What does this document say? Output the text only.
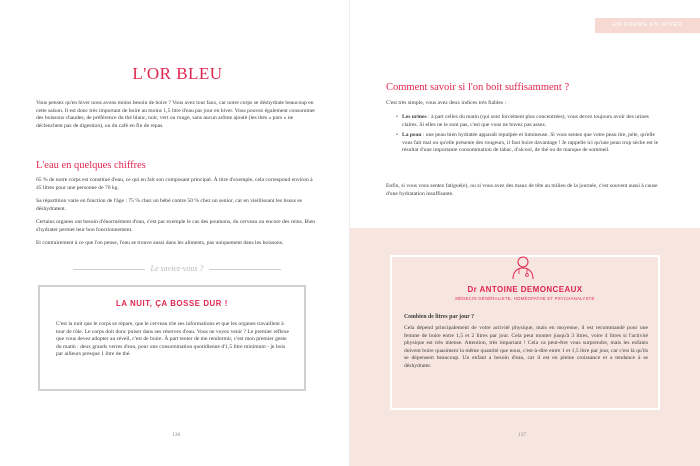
L'OR BLEU

Vous pensez qu'en hiver nous avons moins besoin de boire ? Vous avez tout faux, car notre corps se déshydrate beaucoup en cette saison. Il est donc très important de boire au moins 1,5 litre d'eau par jour en hiver. Vous pouvez également consommer des boissons chaudes, de préférence du thé blanc, noir, vert ou rouge, sans aucun arôme ajouté (les thés « purs » ne déclenchent pas de digestion), ou du café en fin de repas.

L'eau en quelques chiffres

65 % de notre corps est constitué d'eau, ce qui en fait son composant principal. À titre d'exemple, cela correspond environ à 45 litres pour une personne de 70 kg.

Sa répartition varie en fonction de l'âge : 75 % chez un bébé contre 50 % chez un senior, car en vieillissant les tissus se déshydratent.

Certains organes ont besoin d'énormément d'eau, c'est par exemple le cas des poumons, du cerveau ou encore des reins. Bien s'hydrater permet leur bon fonctionnement.

Et contrairement à ce que l'on pense, l'eau se trouve aussi dans les aliments, pas uniquement dans les boissons.

Le saviez-vous ?
LA NUIT, ÇA BOSSE DUR !

C'est la nuit que le corps se répare, que le cerveau trie ses informations et que les organes travaillent à tour de rôle. Le corps doit donc puiser dans ses réserves d'eau. Vous ne voyez venir ? Le premier réflexe que vous devez adopter au réveil, c'est de boire. À part tenter de me rendormir, c'est mon premier geste du matin : deux grands verres d'eau, pour une consommation quotidienne d'1,5 litre minimum - je bois par ailleurs presque 1 litre de thé.

136
EN FORME EN HIVER
Comment savoir si l'on boit suffisamment ?

C'est très simple, vous avez deux indices très fiables :

• Les urines : à part celles du matin (qui sont forcément plus concentrées), vous devez toujours avoir des urines claires. Si elles ne le sont pas, c'est que vous ne buvez pas assez.
• La peau : une peau bien hydratée apparaît repulpée et lumineuse. Si vous sentez que votre peau tire, pèle, qu'elle vous fait mal ou qu'elle présente des rougeurs, il faut boire davantage ! Je rappelle ici qu'une peau trop sèche est le résultat d'une importante consommation de tabac, d'alcool, de thé ou de manque de sommeil.

Enfin, si vous vous sentez fatigué(e), ou si vous avez des maux de tête au milieu de la journée, c'est souvent aussi à cause d'une hydratation insuffisante.

Dr ANTOINE DEMONCEAUX
MÉDECIN GÉNÉRALISTE, HOMÉOPATHE ET PSYCHANALYSTE
Combien de litres par jour ?

Cela dépend principalement de votre activité physique, mais en moyenne, il est recommandé pour une femme de boire entre 1,5 et 2 litres par jour. Cela peut monter jusqu'à 3 litres, voire 4 litres si l'activité physique est très intense. Attention, très important ! Cela va peut-être vous surprendre, mais les enfants doivent boire quasiment la même quantité que nous, c'est-à-dire entre 1 et 1,5 litre par jour, car c'est là qu'ils se dépensent beaucoup. Un enfant a besoin d'eau, car il est en pleine croissance et a tendance à se déshydrater.

137
